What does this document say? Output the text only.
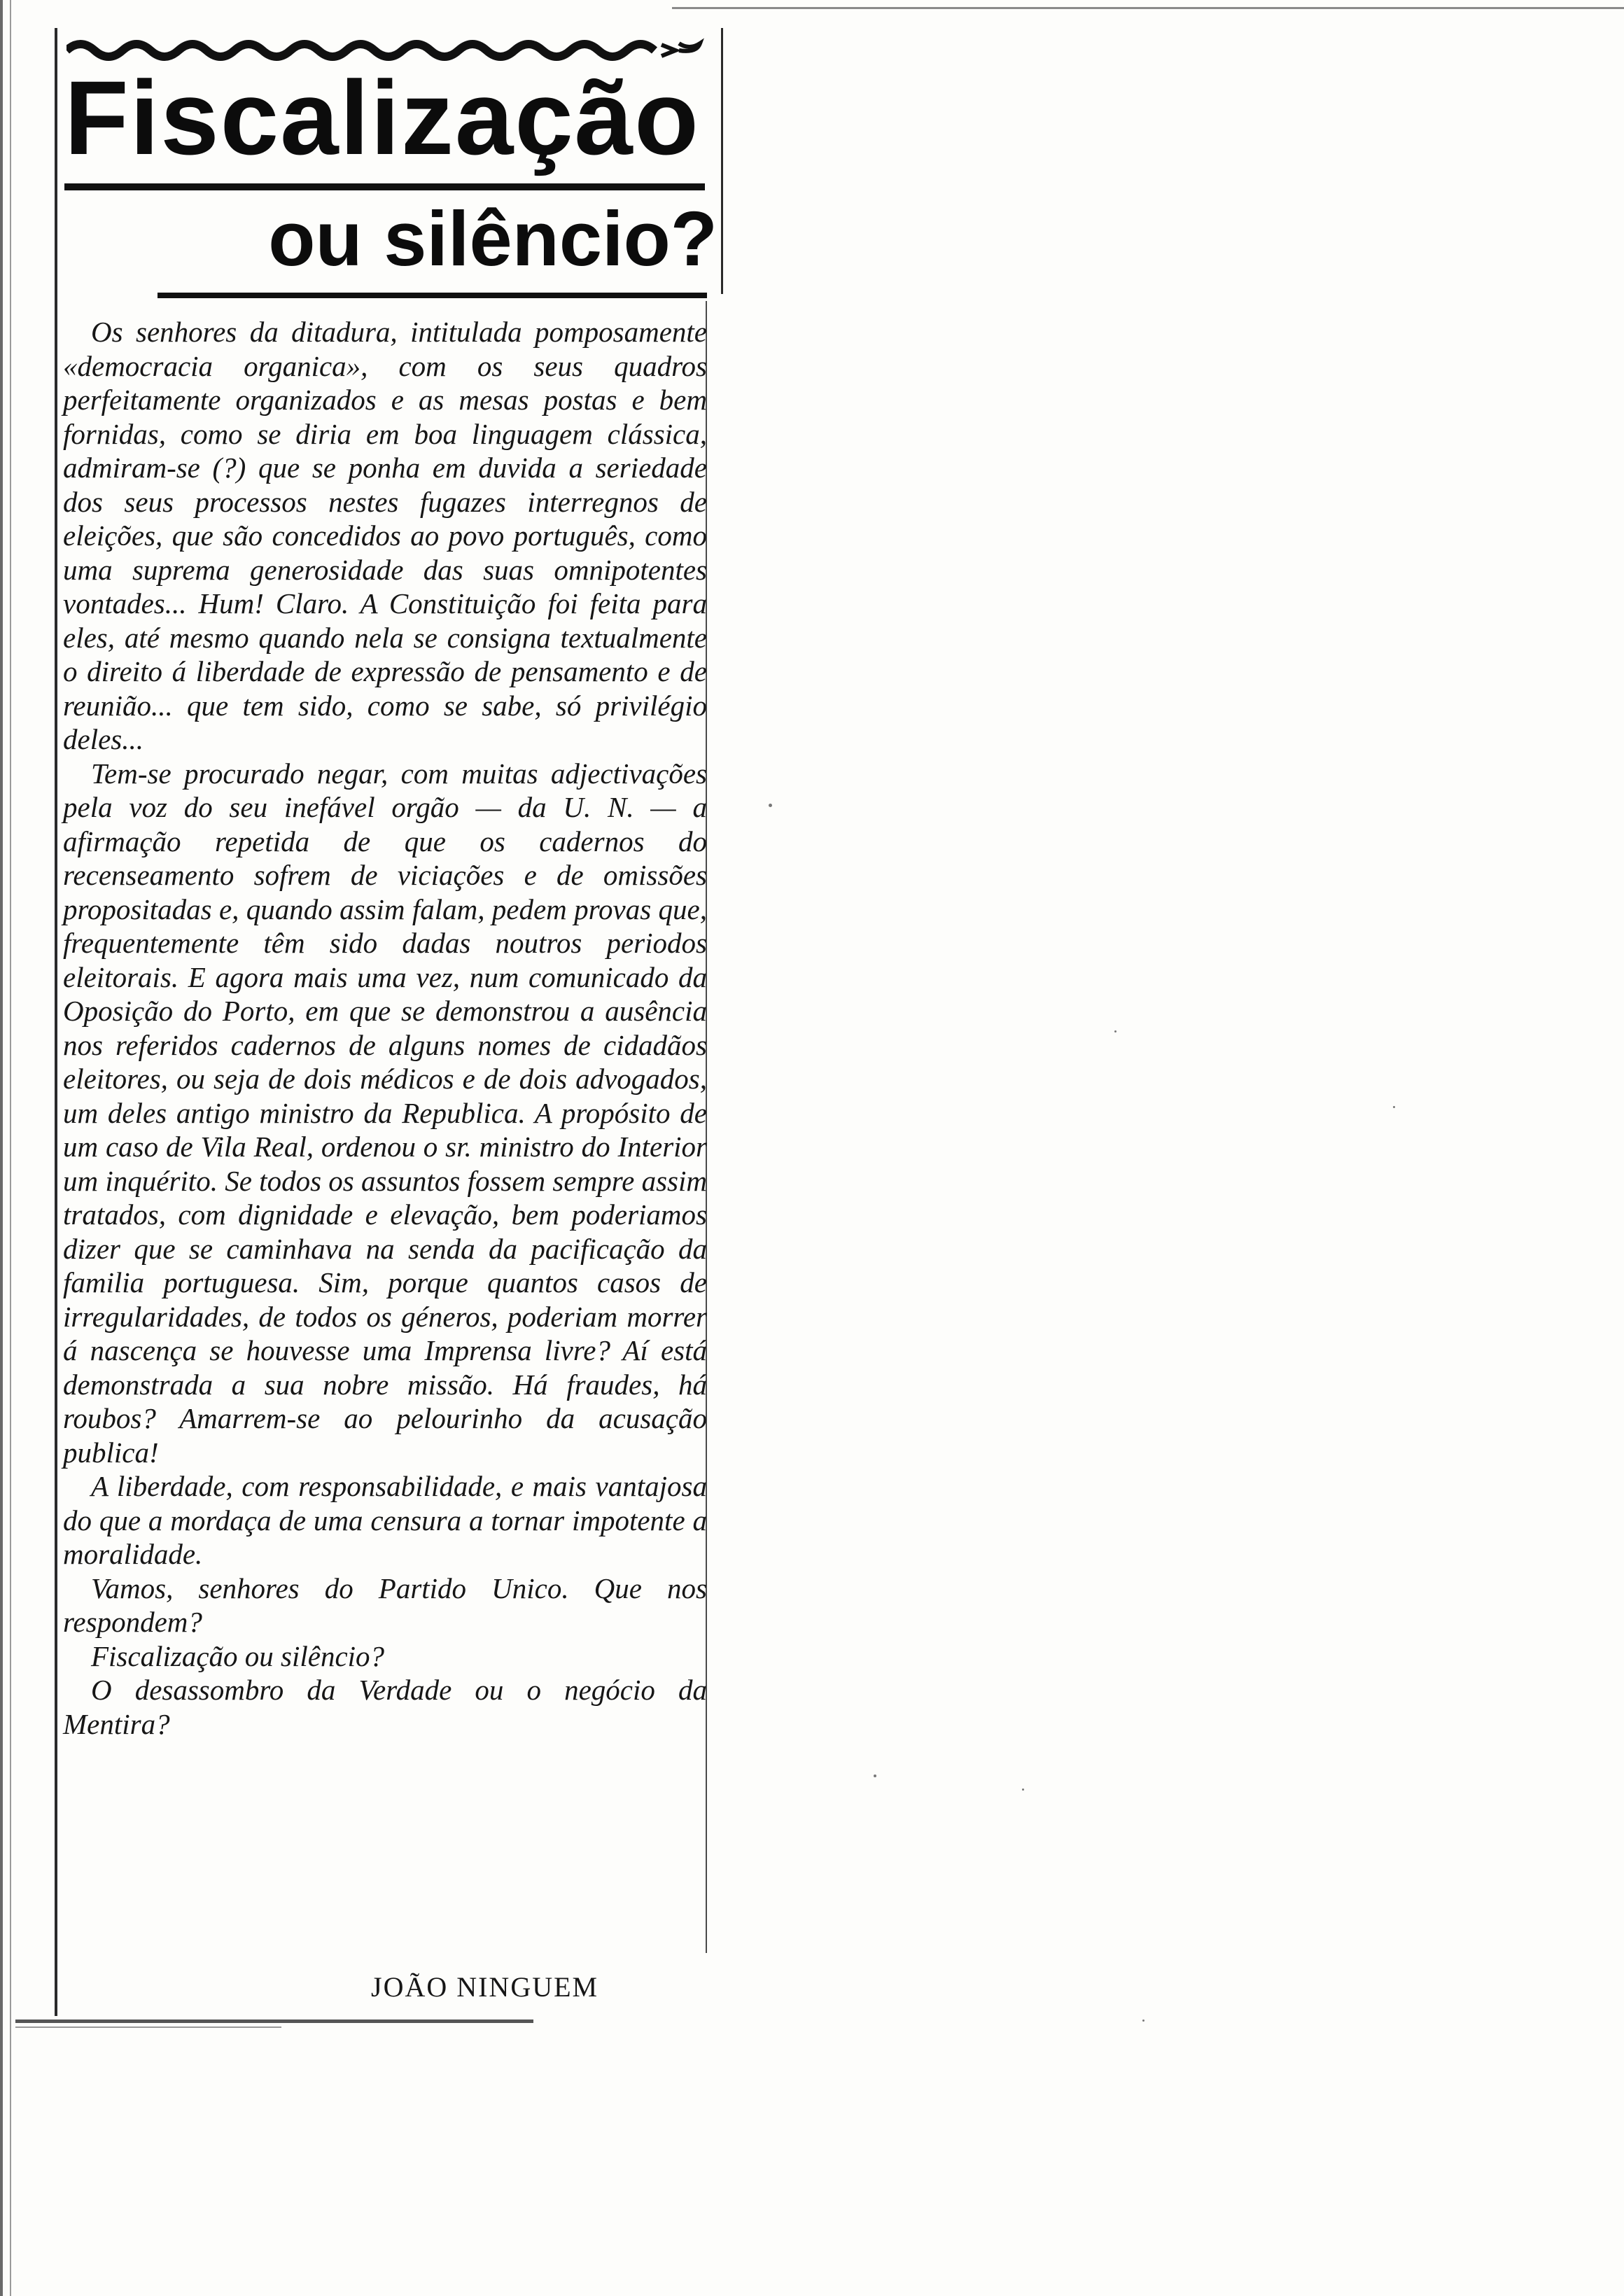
Fiscalização
ou silêncio?

Os senhores da ditadura, intitulada pomposamente «democracia organica», com os seus quadros perfeitamente organizados e as mesas postas e bem fornidas, como se diria em boa linguagem clássica, admiram-se (?) que se ponha em duvida a seriedade dos seus processos nestes fugazes interregnos de eleições, que são concedidos ao povo português, como uma suprema generosidade das suas omnipotentes vontades... Hum! Claro. A Constituição foi feita para eles, até mesmo quando nela se consigna textualmente o direito á liberdade de expressão de pensamento e de reunião... que tem sido, como se sabe, só privilégio deles...

Tem-se procurado negar, com muitas adjectivações pela voz do seu inefável orgão — da U. N. — a afirmação repetida de que os cadernos do recenseamento sofrem de viciações e de omissões propositadas e, quando assim falam, pedem provas que, frequentemente têm sido dadas noutros periodos eleitorais. E agora mais uma vez, num comunicado da Oposição do Porto, em que se demonstrou a ausência nos referidos cadernos de alguns nomes de cidadãos eleitores, ou seja de dois médicos e de dois advogados, um deles antigo ministro da Republica. A propósito de um caso de Vila Real, ordenou o sr. ministro do Interior um inquérito. Se todos os assuntos fossem sempre assim tratados, com dignidade e elevação, bem poderiamos dizer que se caminhava na senda da pacificação da familia portuguesa. Sim, porque quantos casos de irregularidades, de todos os géneros, poderiam morrer á nascença se houvesse uma Imprensa livre? Aí está demonstrada a sua nobre missão. Há fraudes, há roubos? Amarrem-se ao pelourinho da acusação publica!

A liberdade, com responsabilidade, e mais vantajosa do que a mordaça de uma censura a tornar impotente a moralidade.

Vamos, senhores do Partido Unico. Que nos respondem?

Fiscalização ou silêncio?

O desassombro da Verdade ou o negócio da Mentira?

JOÃO NINGUEM
